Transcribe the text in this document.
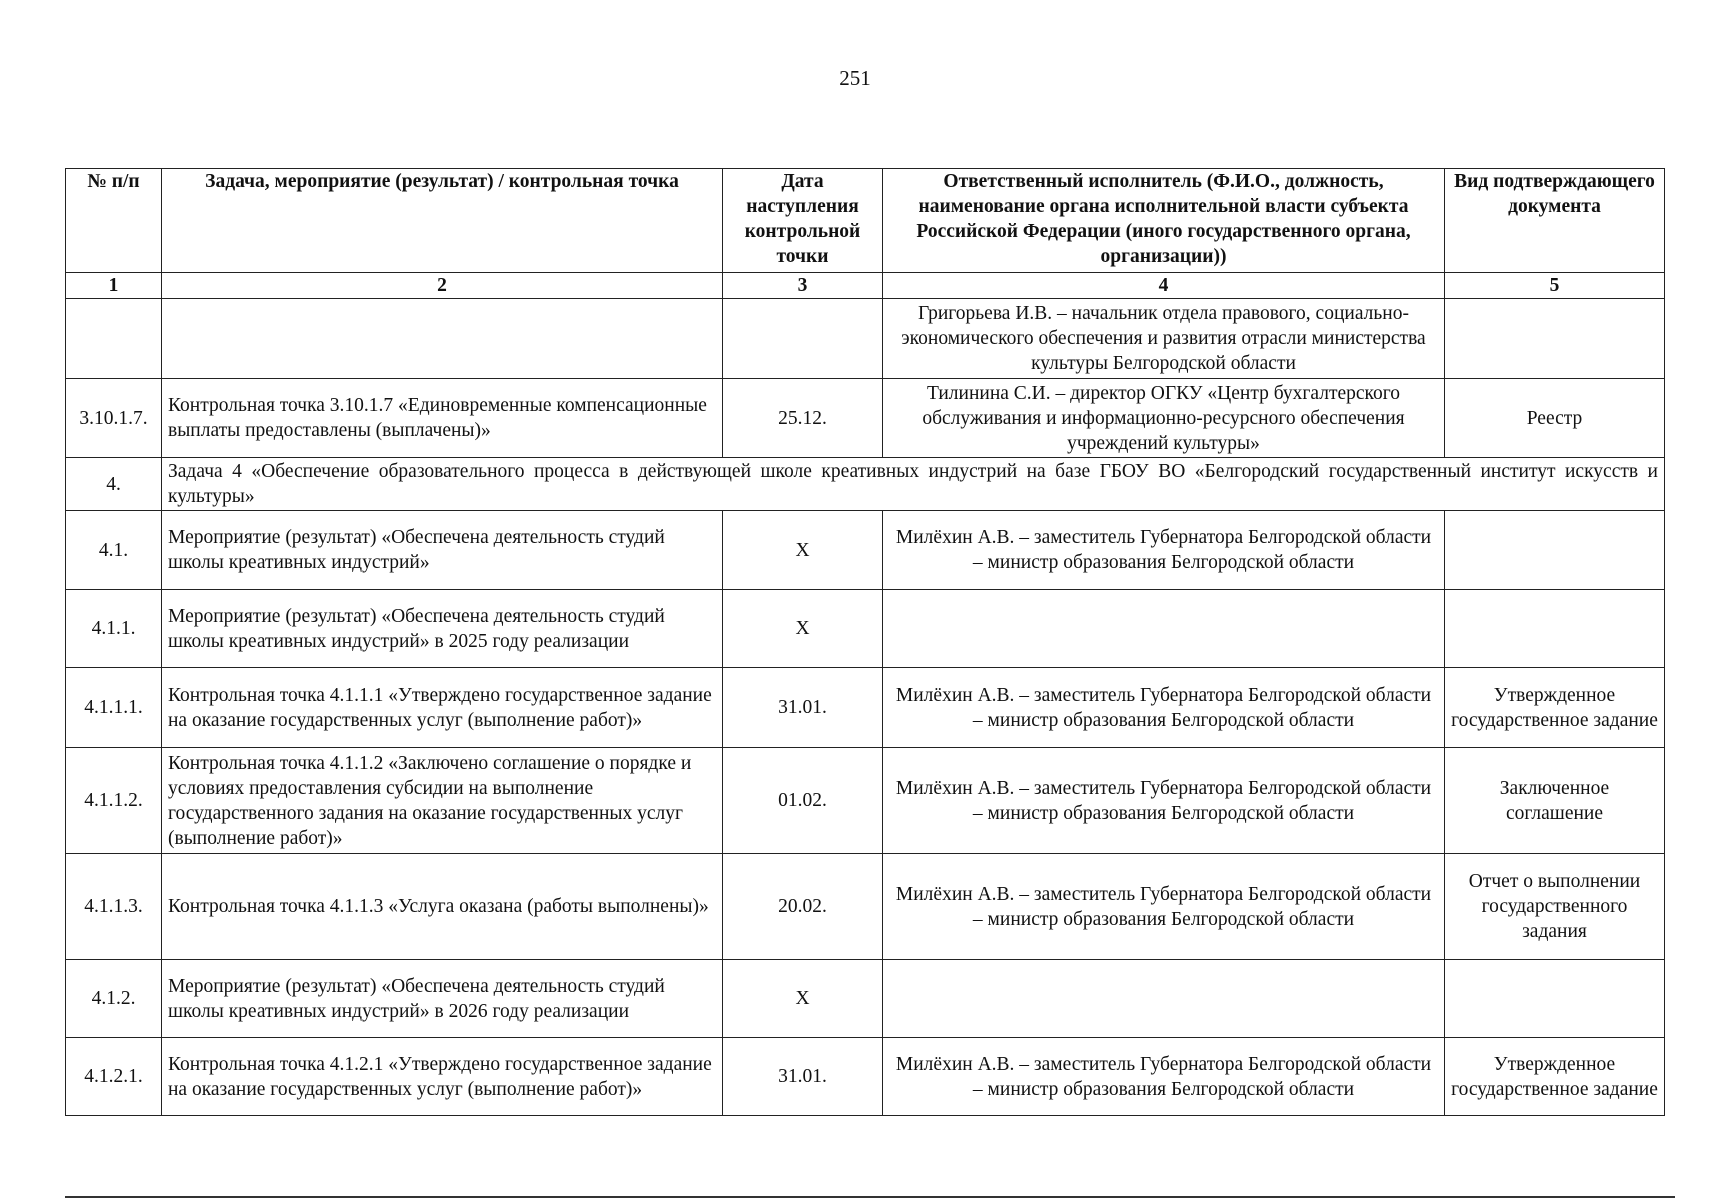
251
№ п/п	Задача, мероприятие (результат) / контрольная точка	Дата наступления контрольной точки	Ответственный исполнитель (Ф.И.О., должность, наименование органа исполнительной власти субъекта Российской Федерации (иного государственного органа, организации))	Вид подтверждающего документа
1	2	3	4	5
			Григорьева И.В. – начальник отдела правового, социально-экономического обеспечения и развития отрасли министерства культуры Белгородской области	
3.10.1.7.	Контрольная точка 3.10.1.7 «Единовременные компенсационные выплаты предоставлены (выплачены)»	25.12.	Тилинина С.И. – директор ОГКУ «Центр бухгалтерского обслуживания и информационно-ресурсного обеспечения учреждений культуры»	Реестр
4.	Задача 4 «Обеспечение образовательного процесса в действующей школе креативных индустрий на базе ГБОУ ВО «Белгородский государственный институт искусств и культуры»			
4.1.	Мероприятие (результат) «Обеспечена деятельность студий школы креативных индустрий»	Х	Милёхин А.В. – заместитель Губернатора Белгородской области – министр образования Белгородской области	
4.1.1.	Мероприятие (результат) «Обеспечена деятельность студий школы креативных индустрий» в 2025 году реализации	Х		
4.1.1.1.	Контрольная точка 4.1.1.1 «Утверждено государственное задание на оказание государственных услуг (выполнение работ)»	31.01.	Милёхин А.В. – заместитель Губернатора Белгородской области – министр образования Белгородской области	Утвержденное государственное задание
4.1.1.2.	Контрольная точка 4.1.1.2 «Заключено соглашение о порядке и условиях предоставления субсидии на выполнение государственного задания на оказание государственных услуг (выполнение работ)»	01.02.	Милёхин А.В. – заместитель Губернатора Белгородской области – министр образования Белгородской области	Заключенное соглашение
4.1.1.3.	Контрольная точка 4.1.1.3 «Услуга оказана (работы выполнены)»	20.02.	Милёхин А.В. – заместитель Губернатора Белгородской области – министр образования Белгородской области	Отчет о выполнении государственного задания
4.1.2.	Мероприятие (результат) «Обеспечена деятельность студий школы креативных индустрий» в 2026 году реализации	Х		
4.1.2.1.	Контрольная точка 4.1.2.1 «Утверждено государственное задание на оказание государственных услуг (выполнение работ)»	31.01.	Милёхин А.В. – заместитель Губернатора Белгородской области – министр образования Белгородской области	Утвержденное государственное задание
